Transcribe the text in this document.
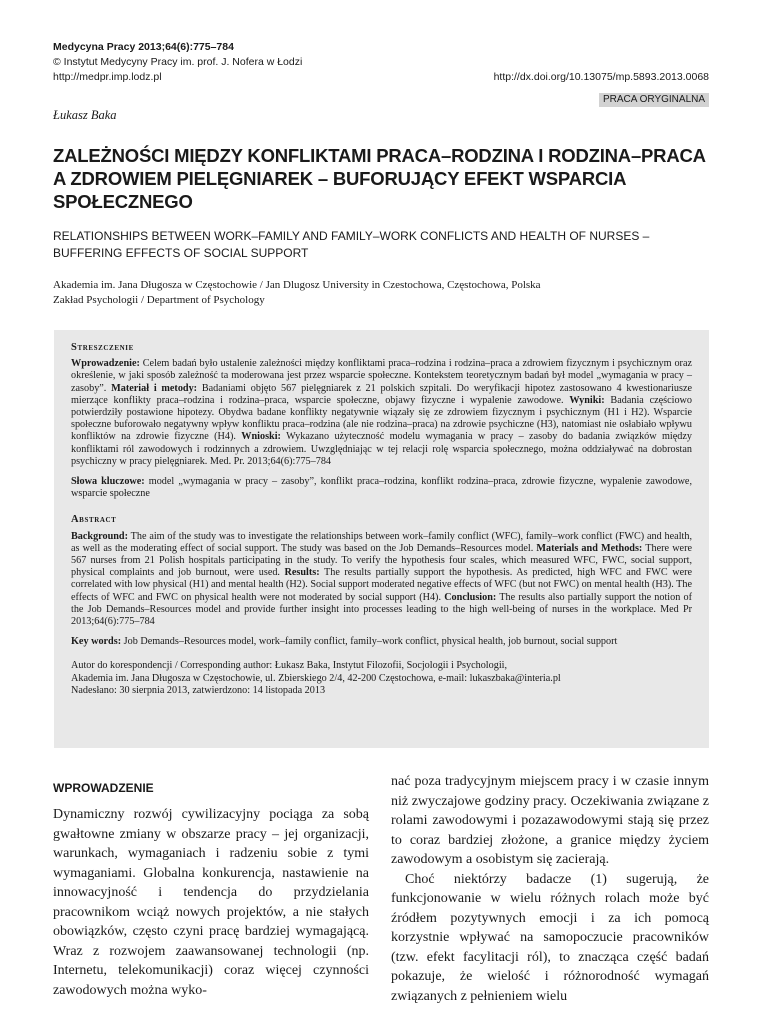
Medycyna Pracy 2013;64(6):775–784
© Instytut Medycyny Pracy im. prof. J. Nofera w Łodzi
http://medpr.imp.lodz.pl	http://dx.doi.org/10.13075/mp.5893.2013.0068
PRACA ORYGINALNA
Łukasz Baka
ZALEŻNOŚCI MIĘDZY KONFLIKTAMI PRACA–RODZINA I RODZINA–PRACA A ZDROWIEM PIELĘGNIAREK – BUFORUJĄCY EFEKT WSPARCIA SPOŁECZNEGO
RELATIONSHIPS BETWEEN WORK–FAMILY AND FAMILY–WORK CONFLICTS AND HEALTH OF NURSES – BUFFERING EFFECTS OF SOCIAL SUPPORT
Akademia im. Jana Długosza w Częstochowie / Jan Dlugosz University in Czestochowa, Częstochowa, Polska
Zakład Psychologii / Department of Psychology
Streszczenie

Wprowadzenie: Celem badań było ustalenie zależności między konfliktami praca–rodzina i rodzina–praca a zdrowiem fizycznym i psychicznym oraz określenie, w jaki sposób zależność ta moderowana jest przez wsparcie społeczne. Kontekstem teoretycznym badań był model „wymagania w pracy – zasoby”. Materiał i metody: Badaniami objęto 567 pielęgniarek z 21 polskich szpitali. Do weryfikacji hipotez zastosowano 4 kwestionariusze mierzące konflikty praca–rodzina i rodzina–praca, wsparcie społeczne, objawy fizyczne i wypalenie zawodowe. Wyniki: Badania częściowo potwierdziły postawione hipotezy. Obydwa badane konflikty negatywnie wiązały się ze zdrowiem fizycznym i psychicznym (H1 i H2). Wsparcie społeczne buforowało negatywny wpływ konfliktu praca–rodzina (ale nie rodzina–praca) na zdrowie psychiczne (H3), natomiast nie osłabiało wpływu konfliktów na zdrowie fizyczne (H4). Wnioski: Wykazano użyteczność modelu wymagania w pracy – zasoby do badania związków między konfliktami ról zawodowych i rodzinnych a zdrowiem. Uwzględniając w tej relacji rolę wsparcia społecznego, można oddziaływać na dobrostan psychiczny w pracy pielęgniarek. Med. Pr. 2013;64(6):775–784

Słowa kluczowe: model „wymagania w pracy – zasoby”, konflikt praca–rodzina, konflikt rodzina–praca, zdrowie fizyczne, wypalenie zawodowe, wsparcie społeczne

Abstract

Background: The aim of the study was to investigate the relationships between work–family conflict (WFC), family–work conflict (FWC) and health, as well as the moderating effect of social support. The study was based on the Job Demands–Resources model. Materials and Methods: There were 567 nurses from 21 Polish hospitals participating in the study. To verify the hypothesis four scales, which measured WFC, FWC, social support, physical complaints and job burnout, were used. Results: The results partially support the hypothesis. As predicted, high WFC and FWC were correlated with low physical (H1) and mental health (H2). Social support moderated negative effects of WFC (but not FWC) on mental health (H3). The effects of WFC and FWC on physical health were not moderated by social support (H4). Conclusion: The results also partially support the notion of the Job Demands–Resources model and provide further insight into processes leading to the high well-being of nurses in the workplace. Med Pr 2013;64(6):775–784

Key words: Job Demands–Resources model, work–family conflict, family–work conflict, physical health, job burnout, social support

Autor do korespondencji / Corresponding author: Łukasz Baka, Instytut Filozofii, Socjologii i Psychologii,
Akademia im. Jana Długosza w Częstochowie, ul. Zbierskiego 2/4, 42-200 Częstochowa, e-mail: lukaszbaka@interia.pl
Nadesłano: 30 sierpnia 2013, zatwierdzono: 14 listopada 2013
WPROWADZENIE

Dynamiczny rozwój cywilizacyjny pociąga za sobą gwałtowne zmiany w obszarze pracy – jej organizacji, warunkach, wymaganiach i radzeniu sobie z tymi wymaganiami. Globalna konkurencja, nastawienie na innowacyjność i tendencja do przydzielania pracownikom wciąż nowych projektów, a nie stałych obowiązków, często czyni pracę bardziej wymagającą. Wraz z rozwojem zaawansowanej technologii (np. Internetu, telekomunikacji) coraz więcej czynności zawodowych można wyko-

nać poza tradycyjnym miejscem pracy i w czasie innym niż zwyczajowe godziny pracy. Oczekiwania związane z rolami zawodowymi i pozazawodowymi stają się przez to coraz bardziej złożone, a granice między życiem zawodowym a osobistym się zacierają.

Choć niektórzy badacze (1) sugerują, że funkcjonowanie w wielu różnych rolach może być źródłem pozytywnych emocji i za ich pomocą korzystnie wpływać na samopoczucie pracowników (tzw. efekt facylitacji ról), to znacząca część badań pokazuje, że wielość i różnorodność wymagań związanych z pełnieniem wielu
